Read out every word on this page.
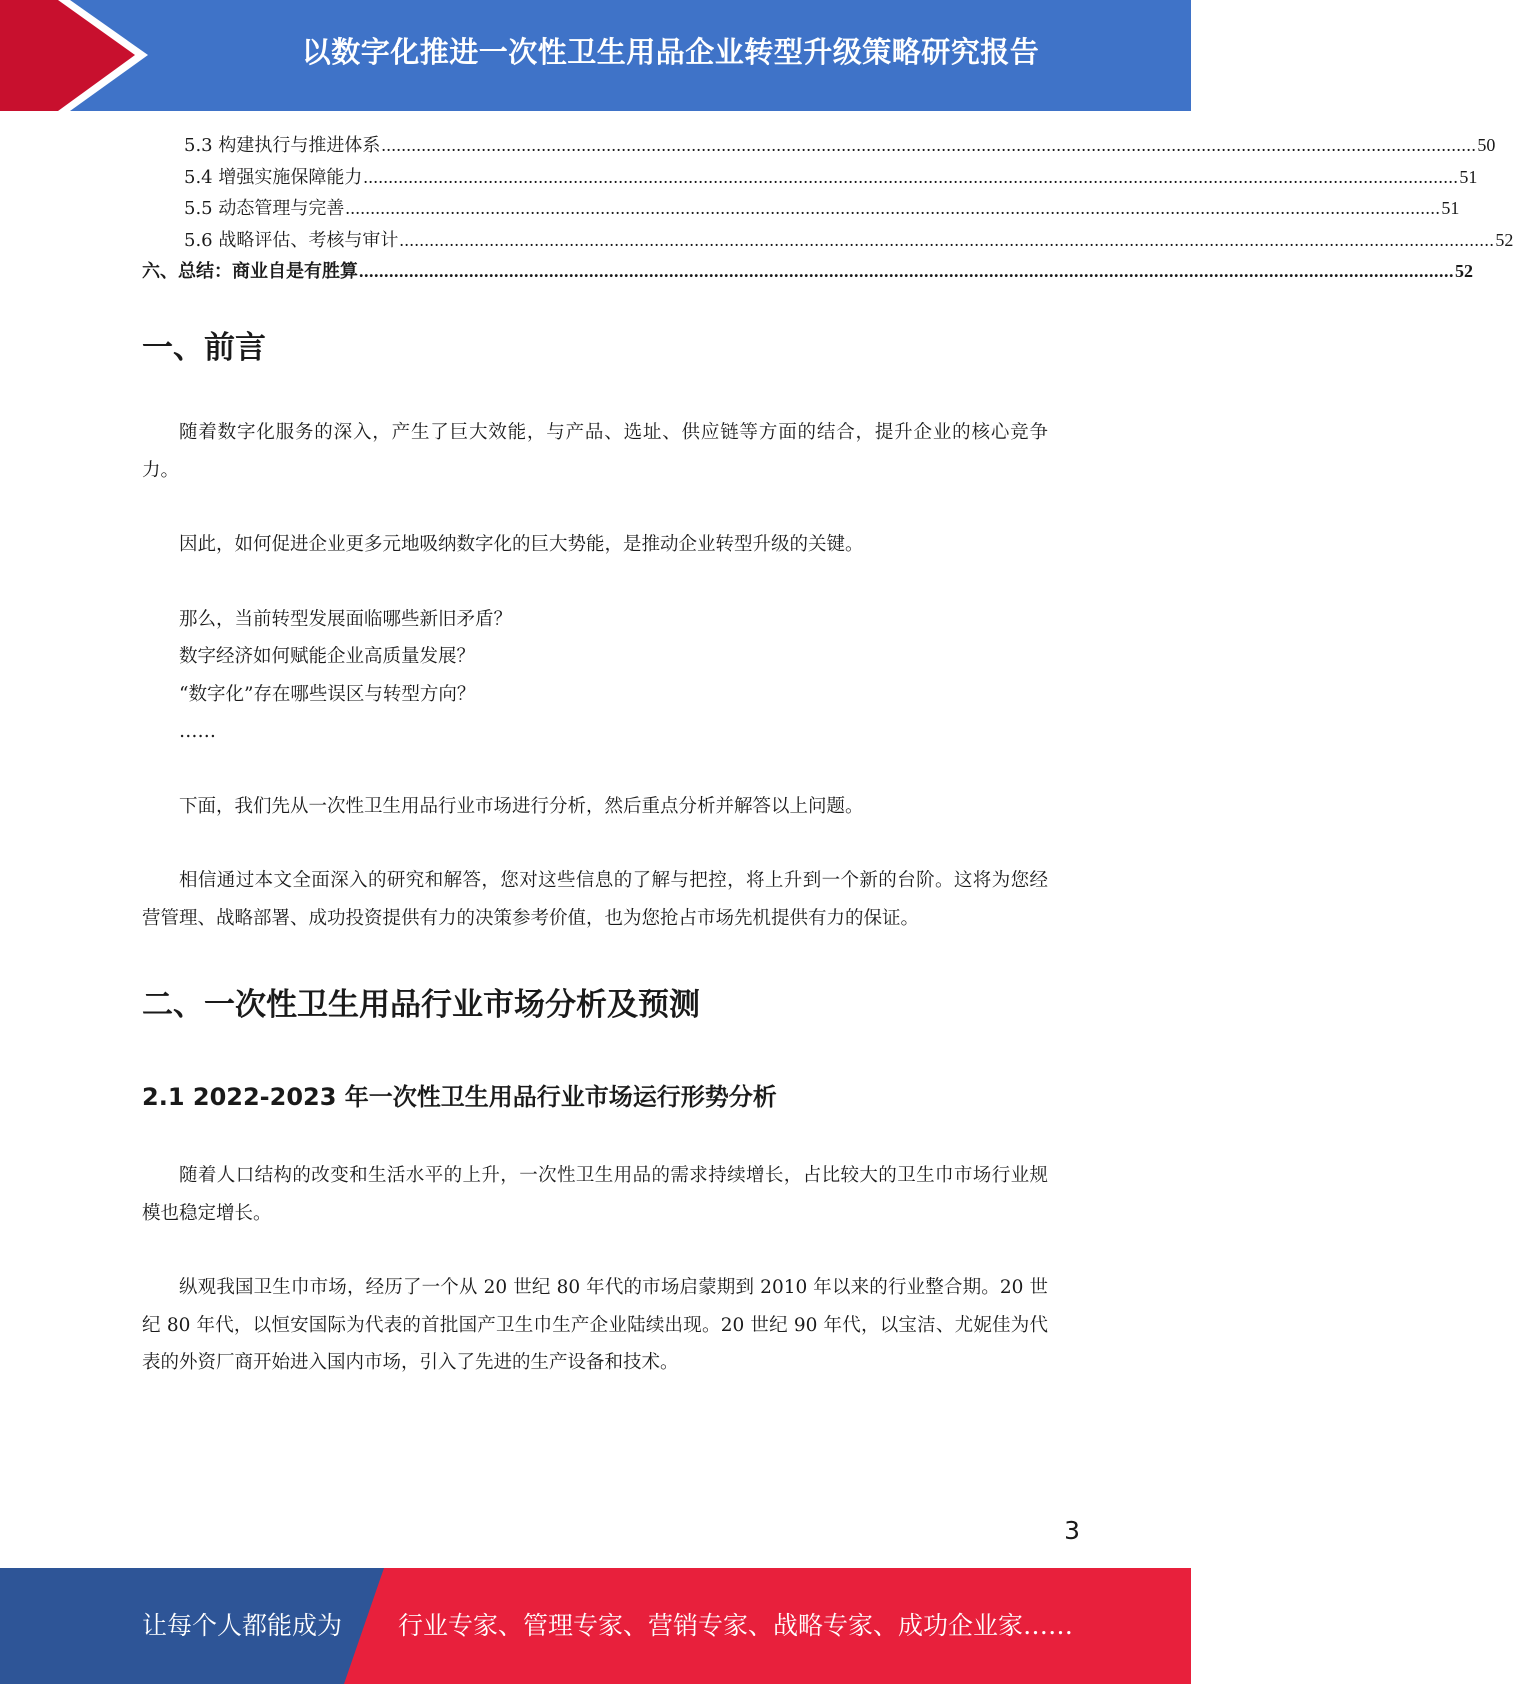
以数字化推进一次性卫生用品企业转型升级策略研究报告
5.3 构建执行与推进体系 ........................................................................................................................................................................................................................... 50
5.4 增强实施保障能力 ........................................................................................................................................................................................................................... 51
5.5 动态管理与完善 ........................................................................................................................................................................................................................... 51
5.6 战略评估、考核与审计 ........................................................................................................................................................................................................................... 52
六、总结：商业自是有胜算 ........................................................................................................................................................................................................................... 52
一、前言

随着数字化服务的深入，产生了巨大效能，与产品、选址、供应链等方面的结合，提升企业的核心竞争力。

因此，如何促进企业更多元地吸纳数字化的巨大势能，是推动企业转型升级的关键。

那么，当前转型发展面临哪些新旧矛盾？

数字经济如何赋能企业高质量发展？

“数字化”存在哪些误区与转型方向？

……

下面，我们先从一次性卫生用品行业市场进行分析，然后重点分析并解答以上问题。

相信通过本文全面深入的研究和解答，您对这些信息的了解与把控，将上升到一个新的台阶。这将为您经营管理、战略部署、成功投资提供有力的决策参考价值，也为您抢占市场先机提供有力的保证。

二、一次性卫生用品行业市场分析及预测
2.1 2022-2023 年一次性卫生用品行业市场运行形势分析

随着人口结构的改变和生活水平的上升，一次性卫生用品的需求持续增长，占比较大的卫生巾市场行业规模也稳定增长。

纵观我国卫生巾市场，经历了一个从 20 世纪 80 年代的市场启蒙期到 2010 年以来的行业整合期。20 世纪 80 年代，以恒安国际为代表的首批国产卫生巾生产企业陆续出现。20 世纪 90 年代，以宝洁、尤妮佳为代表的外资厂商开始进入国内市场，引入了先进的生产设备和技术。

3
让每个人都能成为 行业专家、管理专家、营销专家、战略专家、成功企业家……
